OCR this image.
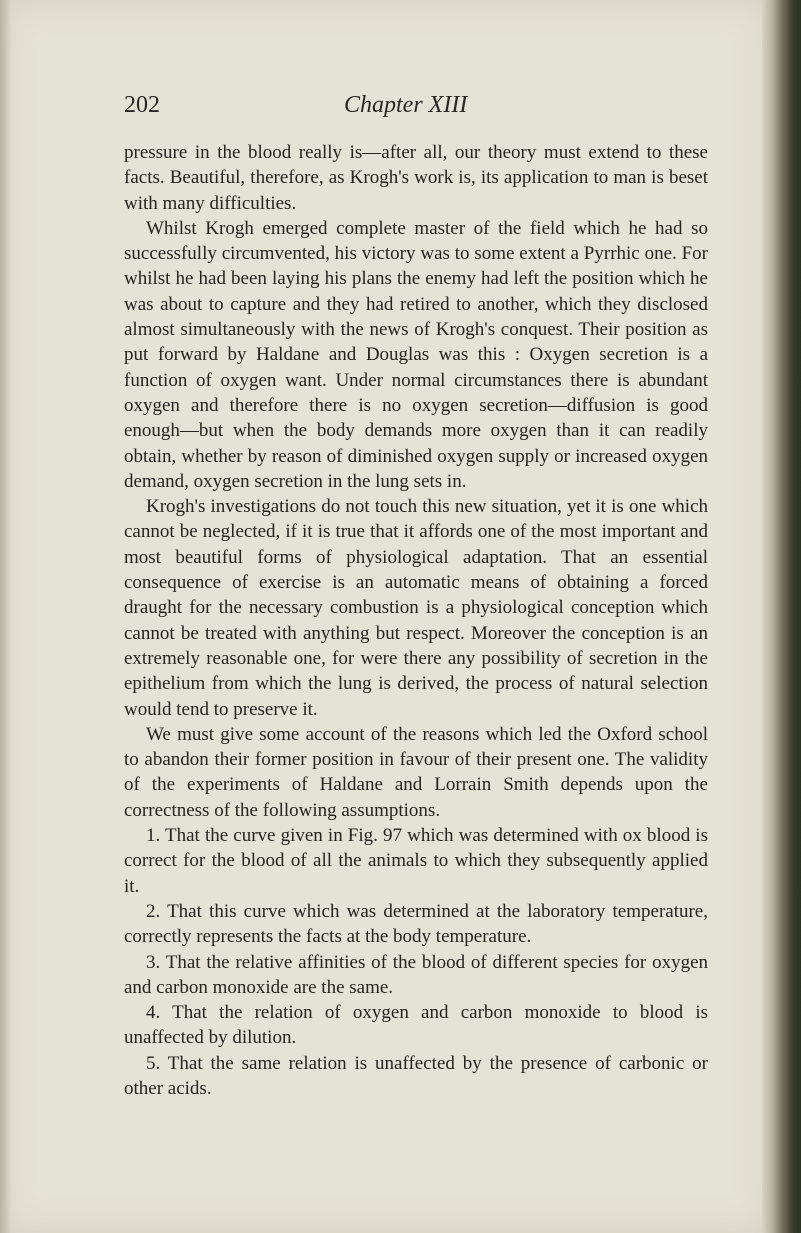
202	Chapter XIII

pressure in the blood really is—after all, our theory must extend to these facts. Beautiful, therefore, as Krogh's work is, its application to man is beset with many difficulties.

Whilst Krogh emerged complete master of the field which he had so successfully circumvented, his victory was to some extent a Pyrrhic one. For whilst he had been laying his plans the enemy had left the position which he was about to capture and they had retired to another, which they disclosed almost simultaneously with the news of Krogh's conquest. Their position as put forward by Haldane and Douglas was this : Oxygen secretion is a function of oxygen want. Under normal circumstances there is abundant oxygen and therefore there is no oxygen secretion—diffusion is good enough—but when the body demands more oxygen than it can readily obtain, whether by reason of diminished oxygen supply or increased oxygen demand, oxygen secretion in the lung sets in.

Krogh's investigations do not touch this new situation, yet it is one which cannot be neglected, if it is true that it affords one of the most important and most beautiful forms of physiological adaptation. That an essential consequence of exercise is an automatic means of obtaining a forced draught for the necessary combustion is a physiological conception which cannot be treated with anything but respect. Moreover the conception is an extremely reasonable one, for were there any possibility of secretion in the epithelium from which the lung is derived, the process of natural selection would tend to preserve it.

We must give some account of the reasons which led the Oxford school to abandon their former position in favour of their present one. The validity of the experiments of Haldane and Lorrain Smith depends upon the correctness of the following assumptions.

1. That the curve given in Fig. 97 which was determined with ox blood is correct for the blood of all the animals to which they subsequently applied it.

2. That this curve which was determined at the laboratory temperature, correctly represents the facts at the body temperature.

3. That the relative affinities of the blood of different species for oxygen and carbon monoxide are the same.

4. That the relation of oxygen and carbon monoxide to blood is unaffected by dilution.

5. That the same relation is unaffected by the presence of carbonic or other acids.
